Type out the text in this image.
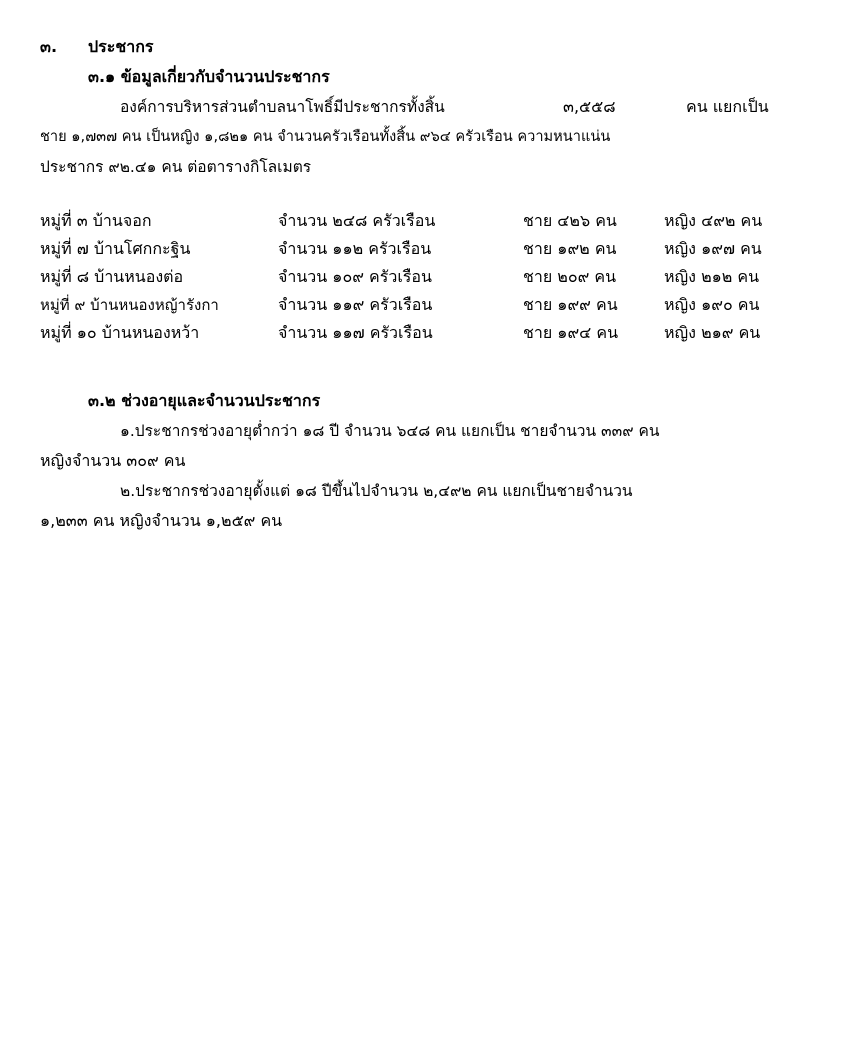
๓. ประชากร
๓.๑ ข้อมูลเกี่ยวกับจำนวนประชากร
องค์การบริหารส่วนตำบลนาโพธิ์มีประชากรทั้งสิ้น	๓,๕๕๘	คน แยกเป็น
ชาย ๑,๗๓๗ คน เป็นหญิง ๑,๘๒๑ คน จำนวนครัวเรือนทั้งสิ้น ๙๖๔ ครัวเรือน ความหนาแน่น
ประชากร ๙๒.๔๑ คน ต่อตารางกิโลเมตร
หมู่ที่ ๓ บ้านจอก	จำนวน ๒๔๘ ครัวเรือน	ชาย ๔๒๖ คน	หญิง ๔๙๒ คน
หมู่ที่ ๗ บ้านโศกกะฐิน	จำนวน ๑๑๒ ครัวเรือน	ชาย ๑๙๒ คน	หญิง ๑๙๗ คน
หมู่ที่ ๘ บ้านหนองต่อ	จำนวน ๑๐๙ ครัวเรือน	ชาย ๒๐๙ คน	หญิง ๒๑๒ คน
หมู่ที่ ๙ บ้านหนองหญ้ารังกา	จำนวน ๑๑๙ ครัวเรือน	ชาย ๑๙๙ คน	หญิง ๑๙๐ คน
หมู่ที่ ๑๐ บ้านหนองหว้า	จำนวน ๑๑๗ ครัวเรือน	ชาย ๑๙๔ คน	หญิง ๒๑๙ คน
๓.๒ ช่วงอายุและจำนวนประชากร
๑.ประชากรช่วงอายุต่ำกว่า ๑๘ ปี จำนวน ๖๔๘ คน แยกเป็น ชายจำนวน ๓๓๙ คน
หญิงจำนวน ๓๐๙ คน
๒.ประชากรช่วงอายุตั้งแต่ ๑๘ ปีขึ้นไปจำนวน ๒,๔๙๒ คน แยกเป็นชายจำนวน
๑,๒๓๓ คน หญิงจำนวน ๑,๒๕๙ คน
